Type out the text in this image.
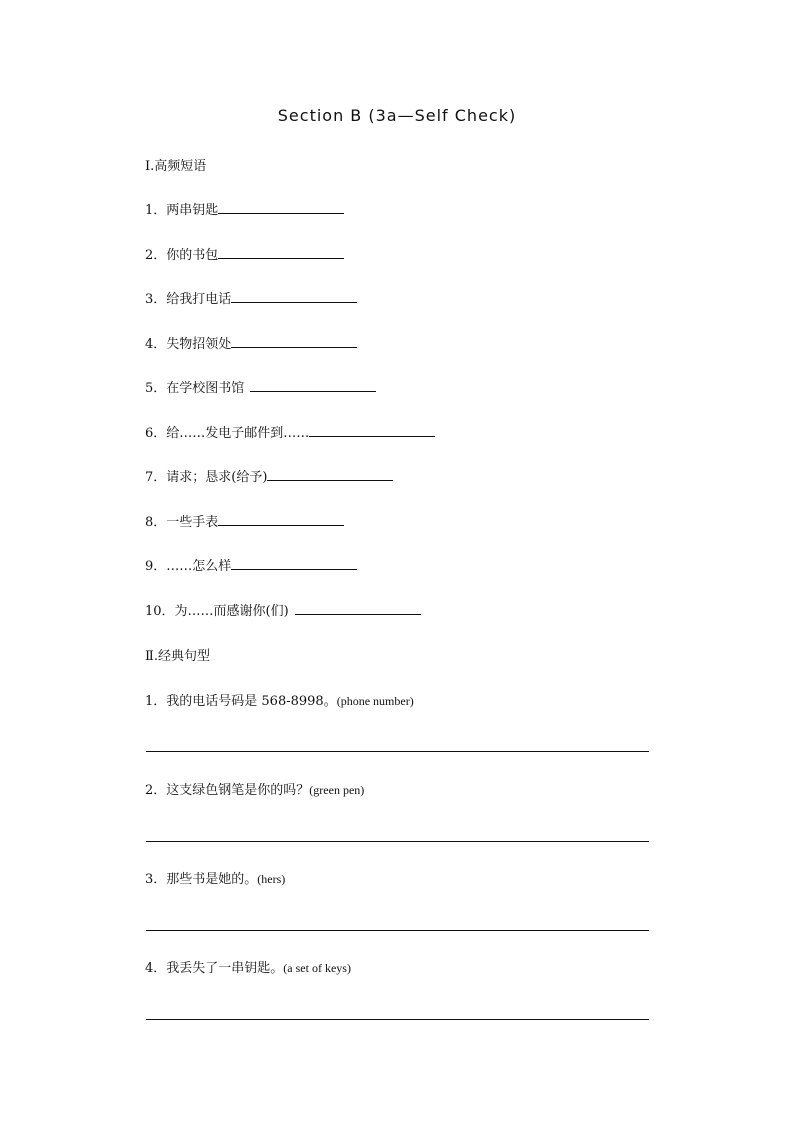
Section B (3a—Self Check)
Ⅰ.高频短语
1．两串钥匙
2．你的书包
3．给我打电话
4．失物招领处
5．在学校图书馆
6．给……发电子邮件到……
7．请求；恳求(给予)
8．一些手表
9．……怎么样
10．为……而感谢你(们)
Ⅱ.经典句型
1．我的电话号码是 568-8998。(phone number)
2．这支绿色钢笔是你的吗？(green pen)
3．那些书是她的。(hers)
4．我丢失了一串钥匙。(a set of keys)
